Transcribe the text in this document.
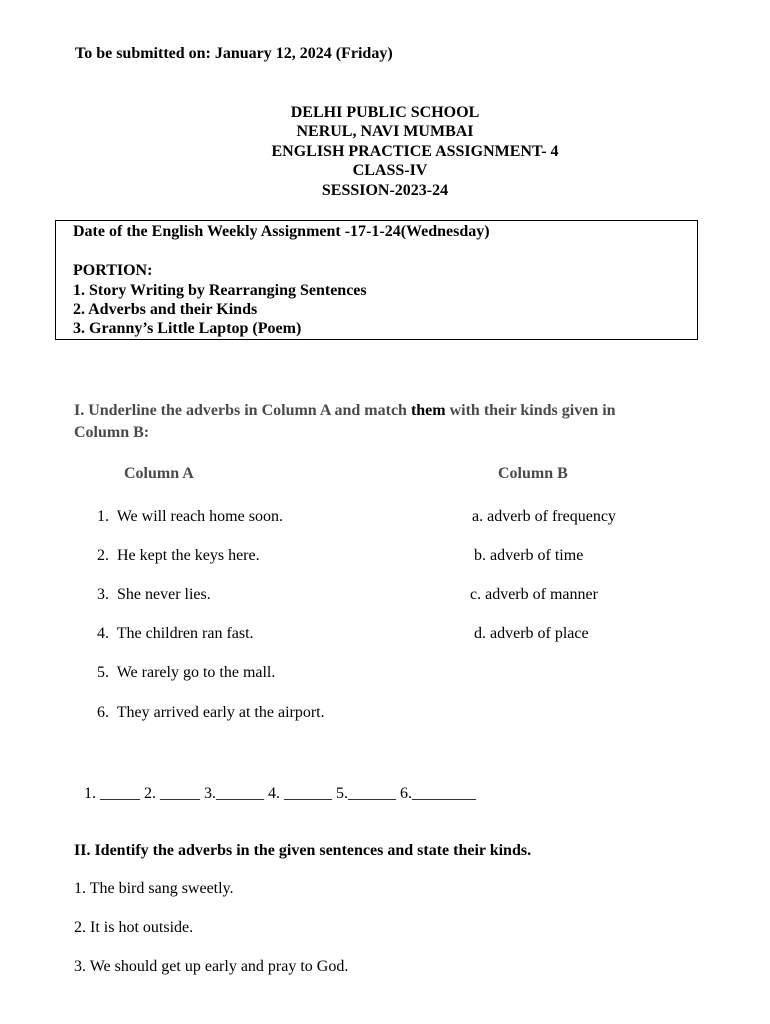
To be submitted on: January 12, 2024 (Friday)
DELHI PUBLIC SCHOOL
NERUL, NAVI MUMBAI
ENGLISH PRACTICE ASSIGNMENT- 4
CLASS-IV
SESSION-2023-24
Date of the English Weekly Assignment -17-1-24(Wednesday)
PORTION:
1. Story Writing by Rearranging Sentences
2. Adverbs and their Kinds
3. Granny’s Little Laptop (Poem)
I. Underline the adverbs in Column A and match them with their kinds given in
Column B:
Column A	Column B
1. We will reach home soon.
2. He kept the keys here.
3. She never lies.
4. The children ran fast.
5. We rarely go to the mall.
6. They arrived early at the airport.
a. adverb of frequency
b. adverb of time
c. adverb of manner
d. adverb of place
1. _____ 2. _____ 3.______ 4. ______ 5.______ 6.________
II. Identify the adverbs in the given sentences and state their kinds.
1. The bird sang sweetly.
2. It is hot outside.
3. We should get up early and pray to God.
